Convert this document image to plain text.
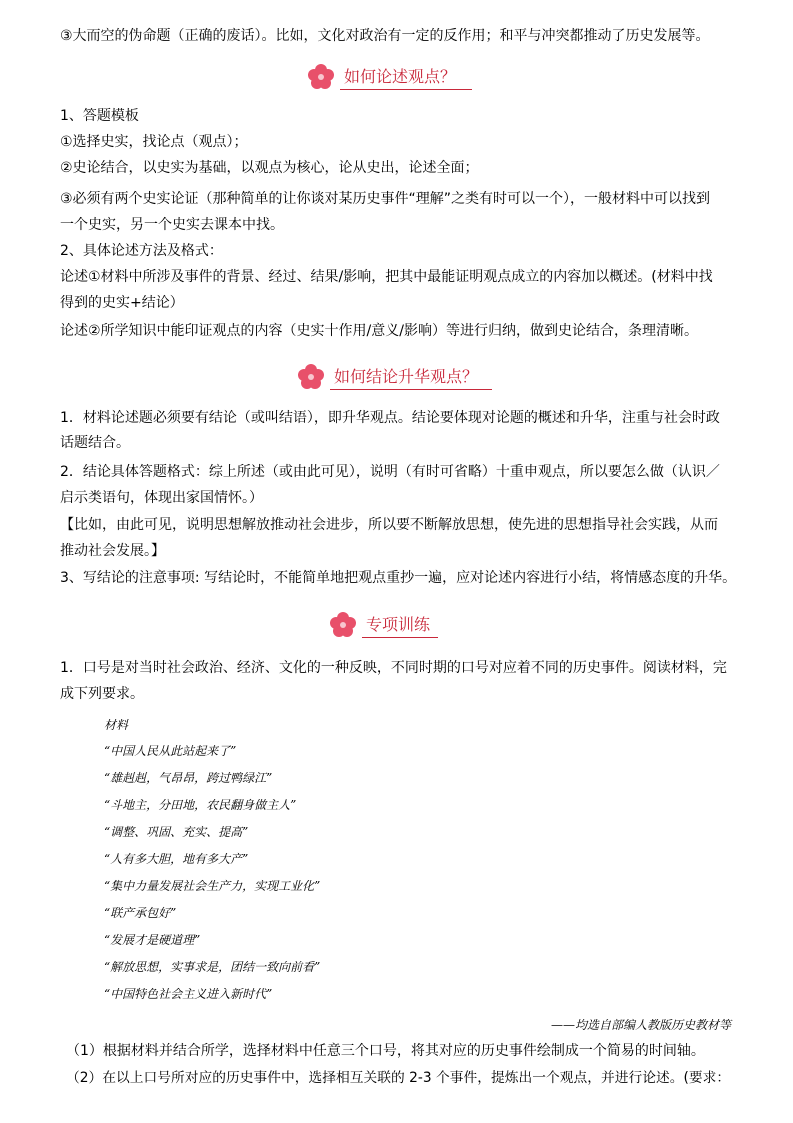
③大而空的伪命题（正确的废话）。比如，文化对政治有一定的反作用；和平与冲突都推动了历史发展等。
如何论述观点？
1、答题模板
①选择史实，找论点（观点）；
②史论结合，以史实为基础，以观点为核心，论从史出，论述全面；
③必须有两个史实论证（那种简单的让你谈对某历史事件“理解”之类有时可以一个），一般材料中可以找到
一个史实，另一个史实去课本中找。
2、具体论述方法及格式：
论述①材料中所涉及事件的背景、经过、结果/影响，把其中最能证明观点成立的内容加以概述。(材料中找
得到的史实+结论）
论述②所学知识中能印证观点的内容（史实十作用/意义/影响）等进行归纳，做到史论结合，条理清晰。
如何结论升华观点？
1．材料论述题必须要有结论（或叫结语），即升华观点。结论要体现对论题的概述和升华，注重与社会时政
话题结合。
2．结论具体答题格式：综上所述（或由此可见），说明（有时可省略）十重申观点，所以要怎么做（认识／
启示类语句，体现出家国情怀。）
【比如，由此可见，说明思想解放推动社会进步，所以要不断解放思想，使先进的思想指导社会实践，从而
推动社会发展。】
3、写结论的注意事项: 写结论时，不能简单地把观点重抄一遍，应对论述内容进行小结，将情感态度的升华。
专项训练
1．口号是对当时社会政治、经济、文化的一种反映，不同时期的口号对应着不同的历史事件。阅读材料，完
成下列要求。
材料
“中国人民从此站起来了”
“雄赳赳，气昂昂，跨过鸭绿江”
“斗地主，分田地，农民翻身做主人”
“调整、巩固、充实、提高”
“人有多大胆，地有多大产”
“集中力量发展社会生产力，实现工业化”
“联产承包好”
“发展才是硬道理”
“解放思想，实事求是，团结一致向前看”
“中国特色社会主义进入新时代”
——均选自部编人教版历史教材等
（1）根据材料并结合所学，选择材料中任意三个口号，将其对应的历史事件绘制成一个简易的时间轴。
（2）在以上口号所对应的历史事件中，选择相互关联的 2-3 个事件，提炼出一个观点，并进行论述。(要求：
